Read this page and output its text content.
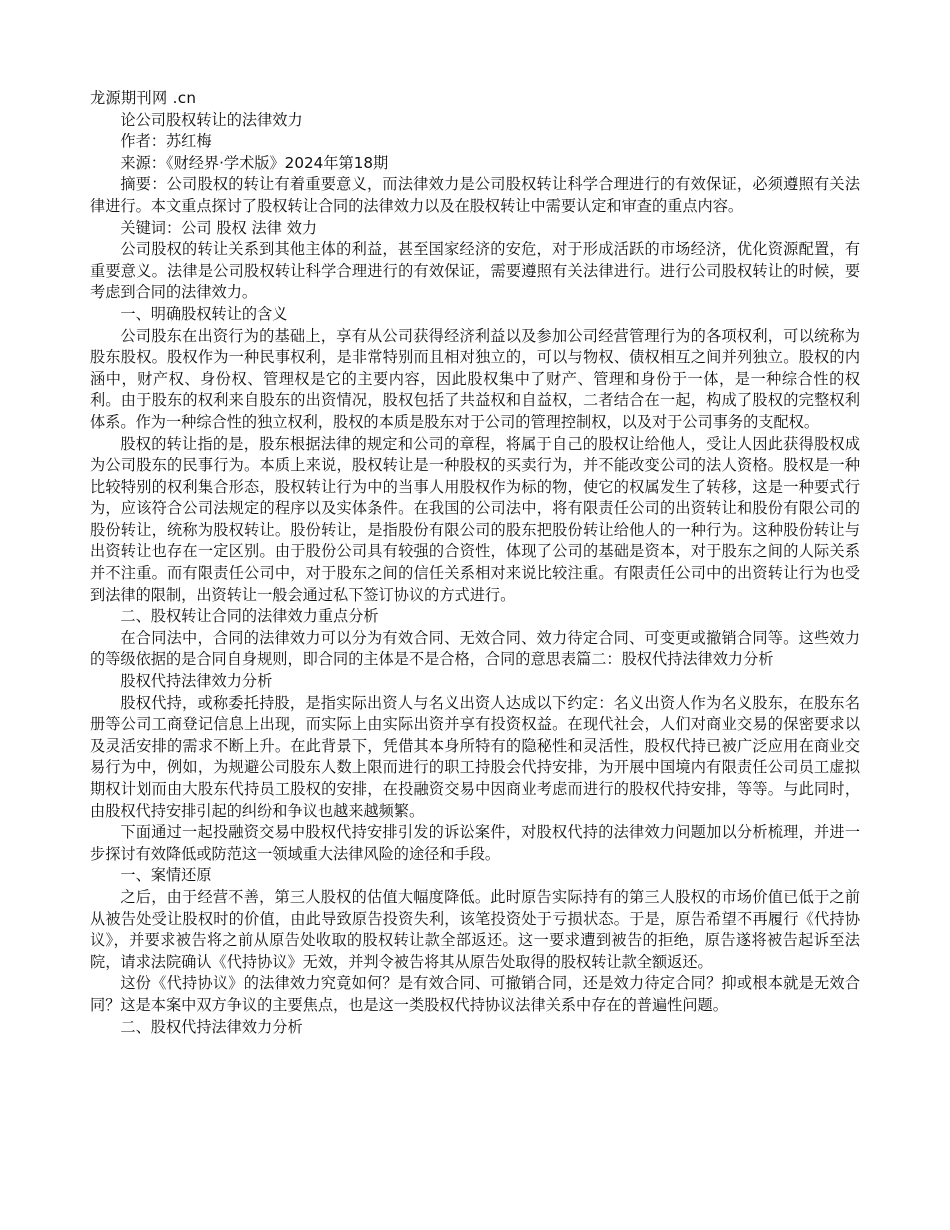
龙源期刊网 .cn

论公司股权转让的法律效力

作者：苏红梅

来源：《财经界·学术版》2024年第18期

摘要：公司股权的转让有着重要意义，而法律效力是公司股权转让科学合理进行的有效保证，必须遵照有关法律进行。本文重点探讨了股权转让合同的法律效力以及在股权转让中需要认定和审查的重点内容。

关键词：公司 股权 法律 效力

公司股权的转让关系到其他主体的利益，甚至国家经济的安危，对于形成活跃的市场经济，优化资源配置，有重要意义。法律是公司股权转让科学合理进行的有效保证，需要遵照有关法律进行。进行公司股权转让的时候，要考虑到合同的法律效力。

一、明确股权转让的含义

公司股东在出资行为的基础上，享有从公司获得经济利益以及参加公司经营管理行为的各项权利，可以统称为股东股权。股权作为一种民事权利，是非常特别而且相对独立的，可以与物权、债权相互之间并列独立。股权的内涵中，财产权、身份权、管理权是它的主要内容，因此股权集中了财产、管理和身份于一体，是一种综合性的权利。由于股东的权利来自股东的出资情况，股权包括了共益权和自益权，二者结合在一起，构成了股权的完整权利体系。作为一种综合性的独立权利，股权的本质是股东对于公司的管理控制权，以及对于公司事务的支配权。

股权的转让指的是，股东根据法律的规定和公司的章程，将属于自己的股权让给他人，受让人因此获得股权成为公司股东的民事行为。本质上来说，股权转让是一种股权的买卖行为，并不能改变公司的法人资格。股权是一种比较特别的权利集合形态，股权转让行为中的当事人用股权作为标的物，使它的权属发生了转移，这是一种要式行为，应该符合公司法规定的程序以及实体条件。在我国的公司法中，将有限责任公司的出资转让和股份有限公司的股份转让，统称为股权转让。股份转让，是指股份有限公司的股东把股份转让给他人的一种行为。这种股份转让与出资转让也存在一定区别。由于股份公司具有较强的合资性，体现了公司的基础是资本，对于股东之间的人际关系并不注重。而有限责任公司中，对于股东之间的信任关系相对来说比较注重。有限责任公司中的出资转让行为也受到法律的限制，出资转让一般会通过私下签订协议的方式进行。

二、股权转让合同的法律效力重点分析

在合同法中，合同的法律效力可以分为有效合同、无效合同、效力待定合同、可变更或撤销合同等。这些效力的等级依据的是合同自身规则，即合同的主体是不是合格，合同的意思表篇二：股权代持法律效力分析

股权代持法律效力分析

股权代持，或称委托持股，是指实际出资人与名义出资人达成以下约定：名义出资人作为名义股东，在股东名册等公司工商登记信息上出现，而实际上由实际出资并享有投资权益。在现代社会，人们对商业交易的保密要求以及灵活安排的需求不断上升。在此背景下，凭借其本身所特有的隐秘性和灵活性，股权代持已被广泛应用在商业交易行为中，例如，为规避公司股东人数上限而进行的职工持股会代持安排，为开展中国境内有限责任公司员工虚拟期权计划而由大股东代持员工股权的安排，在投融资交易中因商业考虑而进行的股权代持安排，等等。与此同时，由股权代持安排引起的纠纷和争议也越来越频繁。

下面通过一起投融资交易中股权代持安排引发的诉讼案件，对股权代持的法律效力问题加以分析梳理，并进一步探讨有效降低或防范这一领域重大法律风险的途径和手段。

一、案情还原

之后，由于经营不善，第三人股权的估值大幅度降低。此时原告实际持有的第三人股权的市场价值已低于之前从被告处受让股权时的价值，由此导致原告投资失利，该笔投资处于亏损状态。于是，原告希望不再履行《代持协议》，并要求被告将之前从原告处收取的股权转让款全部返还。这一要求遭到被告的拒绝，原告遂将被告起诉至法院，请求法院确认《代持协议》无效，并判令被告将其从原告处取得的股权转让款全额返还。

这份《代持协议》的法律效力究竟如何？是有效合同、可撤销合同，还是效力待定合同？抑或根本就是无效合同？这是本案中双方争议的主要焦点，也是这一类股权代持协议法律关系中存在的普遍性问题。

二、股权代持法律效力分析
